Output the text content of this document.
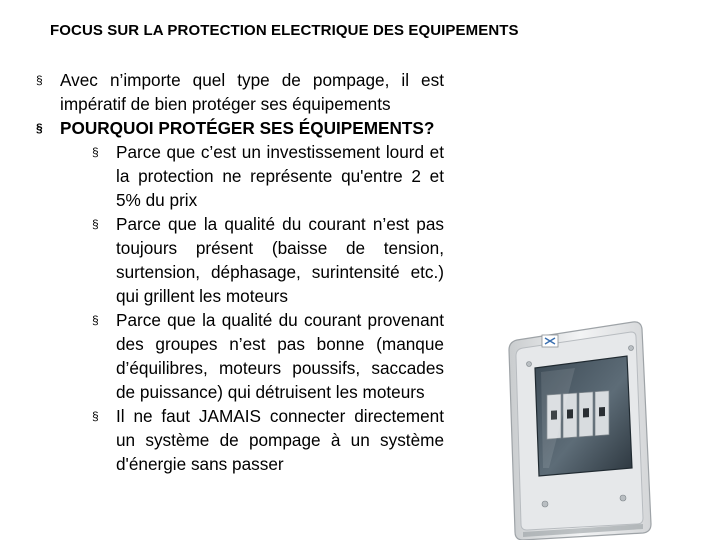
FOCUS SUR LA PROTECTION ELECTRIQUE DES EQUIPEMENTS
§ Avec n’importe quel type de pompage, il est impératif de bien protéger ses équipements
§ POURQUOI PROTÉGER SES ÉQUIPEMENTS?
§ Parce que c’est un investissement lourd et la protection ne représente qu'entre 2 et 5% du prix
§ Parce que la qualité du courant n’est pas toujours présent (baisse de tension, surtension, déphasage, surintensité etc.) qui grillent les moteurs
§ Parce que la qualité du courant provenant des groupes n’est pas bonne (manque d’équilibres, moteurs poussifs, saccades de puissance) qui détruisent les moteurs
§ Il ne faut JAMAIS connecter directement un système de pompage à un système d'énergie sans passer
